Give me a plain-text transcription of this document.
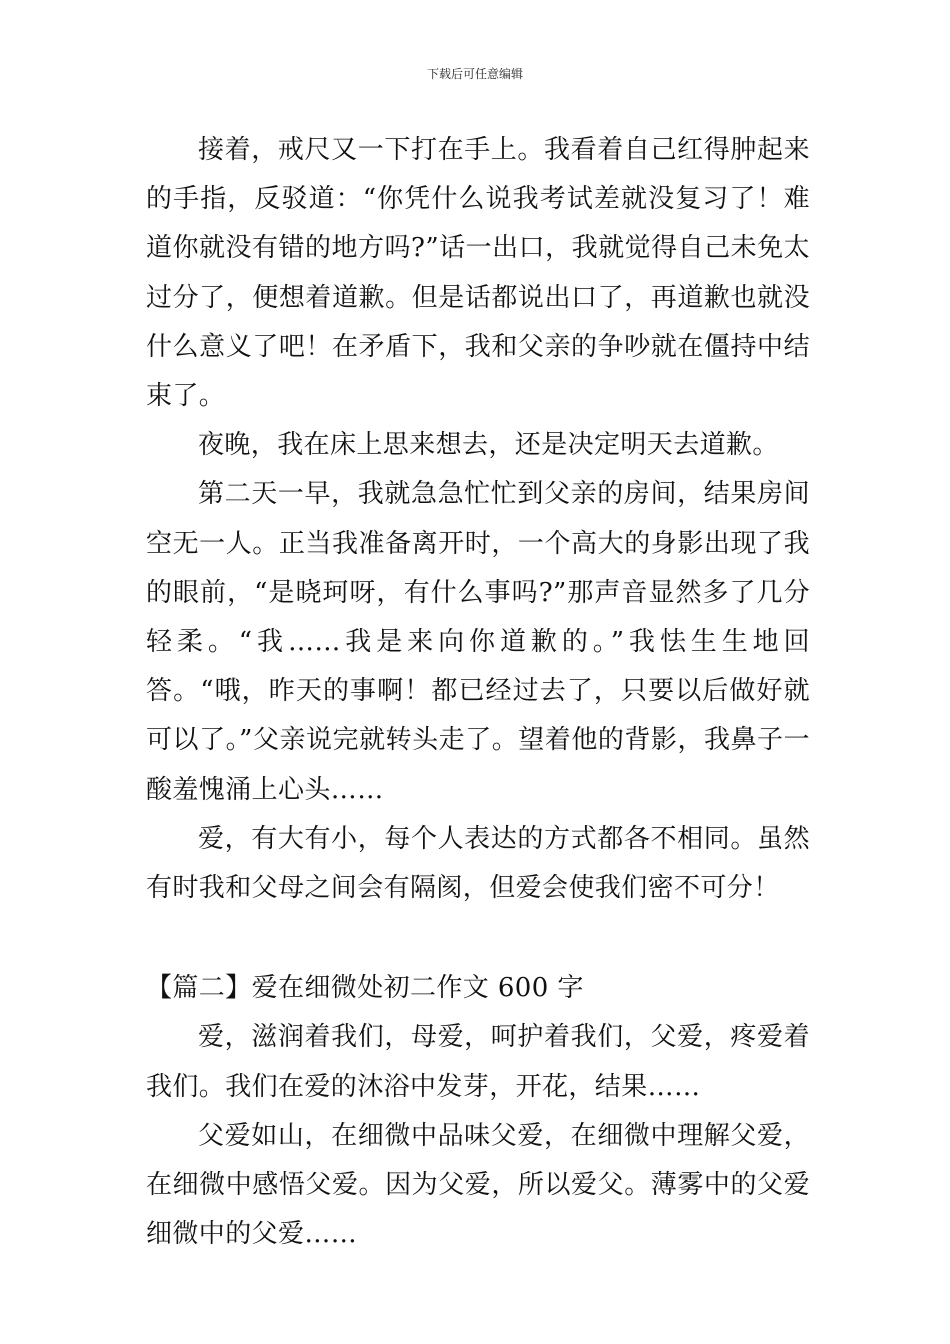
下载后可任意编辑

接着，戒尺又一下打在手上。我看着自己红得肿起来的手指，反驳道：“你凭什么说我考试差就没复习了！难道你就没有错的地方吗?”话一出口，我就觉得自己未免太过分了，便想着道歉。但是话都说出口了，再道歉也就没什么意义了吧！在矛盾下，我和父亲的争吵就在僵持中结束了。

夜晚，我在床上思来想去，还是决定明天去道歉。

第二天一早，我就急急忙忙到父亲的房间，结果房间空无一人。正当我准备离开时，一个高大的身影出现了我的眼前，“是晓珂呀，有什么事吗?”那声音显然多了几分轻柔。“我……我是来向你道歉的。”我怯生生地回答。“哦，昨天的事啊！都已经过去了，只要以后做好就可以了。”父亲说完就转头走了。望着他的背影，我鼻子一酸羞愧涌上心头……

爱，有大有小，每个人表达的方式都各不相同。虽然有时我和父母之间会有隔阂，但爱会使我们密不可分！

【篇二】爱在细微处初二作文 600 字

爱，滋润着我们，母爱，呵护着我们，父爱，疼爱着我们。我们在爱的沐浴中发芽，开花，结果……

父爱如山，在细微中品味父爱，在细微中理解父爱，在细微中感悟父爱。因为父爱，所以爱父。薄雾中的父爱细微中的父爱……
